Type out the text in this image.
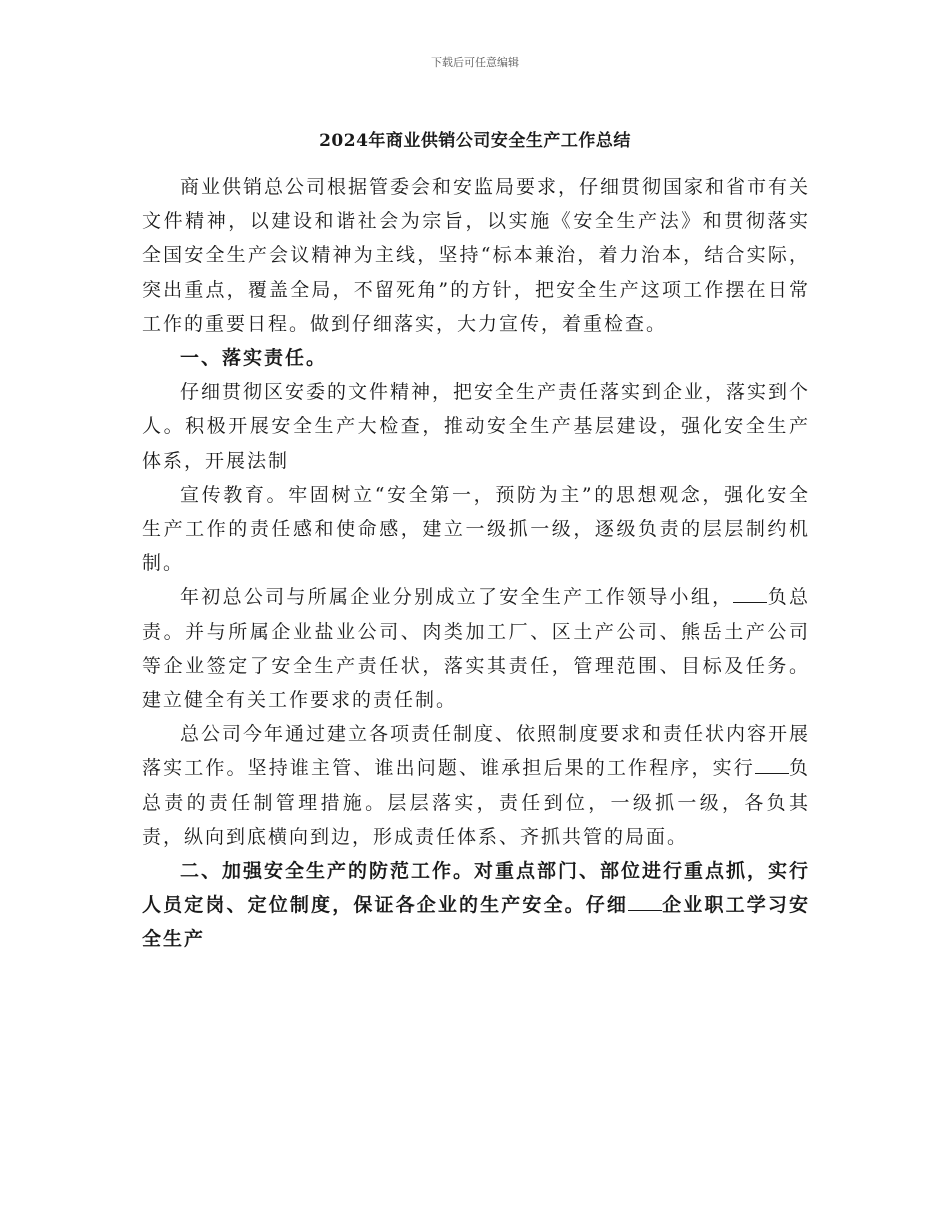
下载后可任意编辑
2024年商业供销公司安全生产工作总结

商业供销总公司根据管委会和安监局要求，仔细贯彻国家和省市有关文件精神，以建设和谐社会为宗旨，以实施《安全生产法》和贯彻落实全国安全生产会议精神为主线，坚持“标本兼治，着力治本，结合实际，突出重点，覆盖全局，不留死角”的方针，把安全生产这项工作摆在日常工作的重要日程。做到仔细落实，大力宣传，着重检查。

一、落实责任。

仔细贯彻区安委的文件精神，把安全生产责任落实到企业，落实到个人。积极开展安全生产大检查，推动安全生产基层建设，强化安全生产体系，开展法制

宣传教育。牢固树立“安全第一，预防为主”的思想观念，强化安全生产工作的责任感和使命感，建立一级抓一级，逐级负责的层层制约机制。

年初总公司与所属企业分别成立了安全生产工作领导小组， 负总责。并与所属企业盐业公司、肉类加工厂、区土产公司、熊岳土产公司等企业签定了安全生产责任状，落实其责任，管理范围、目标及任务。建立健全有关工作要求的责任制。

总公司今年通过建立各项责任制度、依照制度要求和责任状内容开展落实工作。坚持谁主管、谁出问题、谁承担后果的工作程序，实行 负总责的责任制管理措施。层层落实，责任到位，一级抓一级，各负其责，纵向到底横向到边，形成责任体系、齐抓共管的局面。

二、加强安全生产的防范工作。对重点部门、部位进行重点抓，实行人员定岗、定位制度，保证各企业的生产安全。仔细 企业职工学习安全生产
